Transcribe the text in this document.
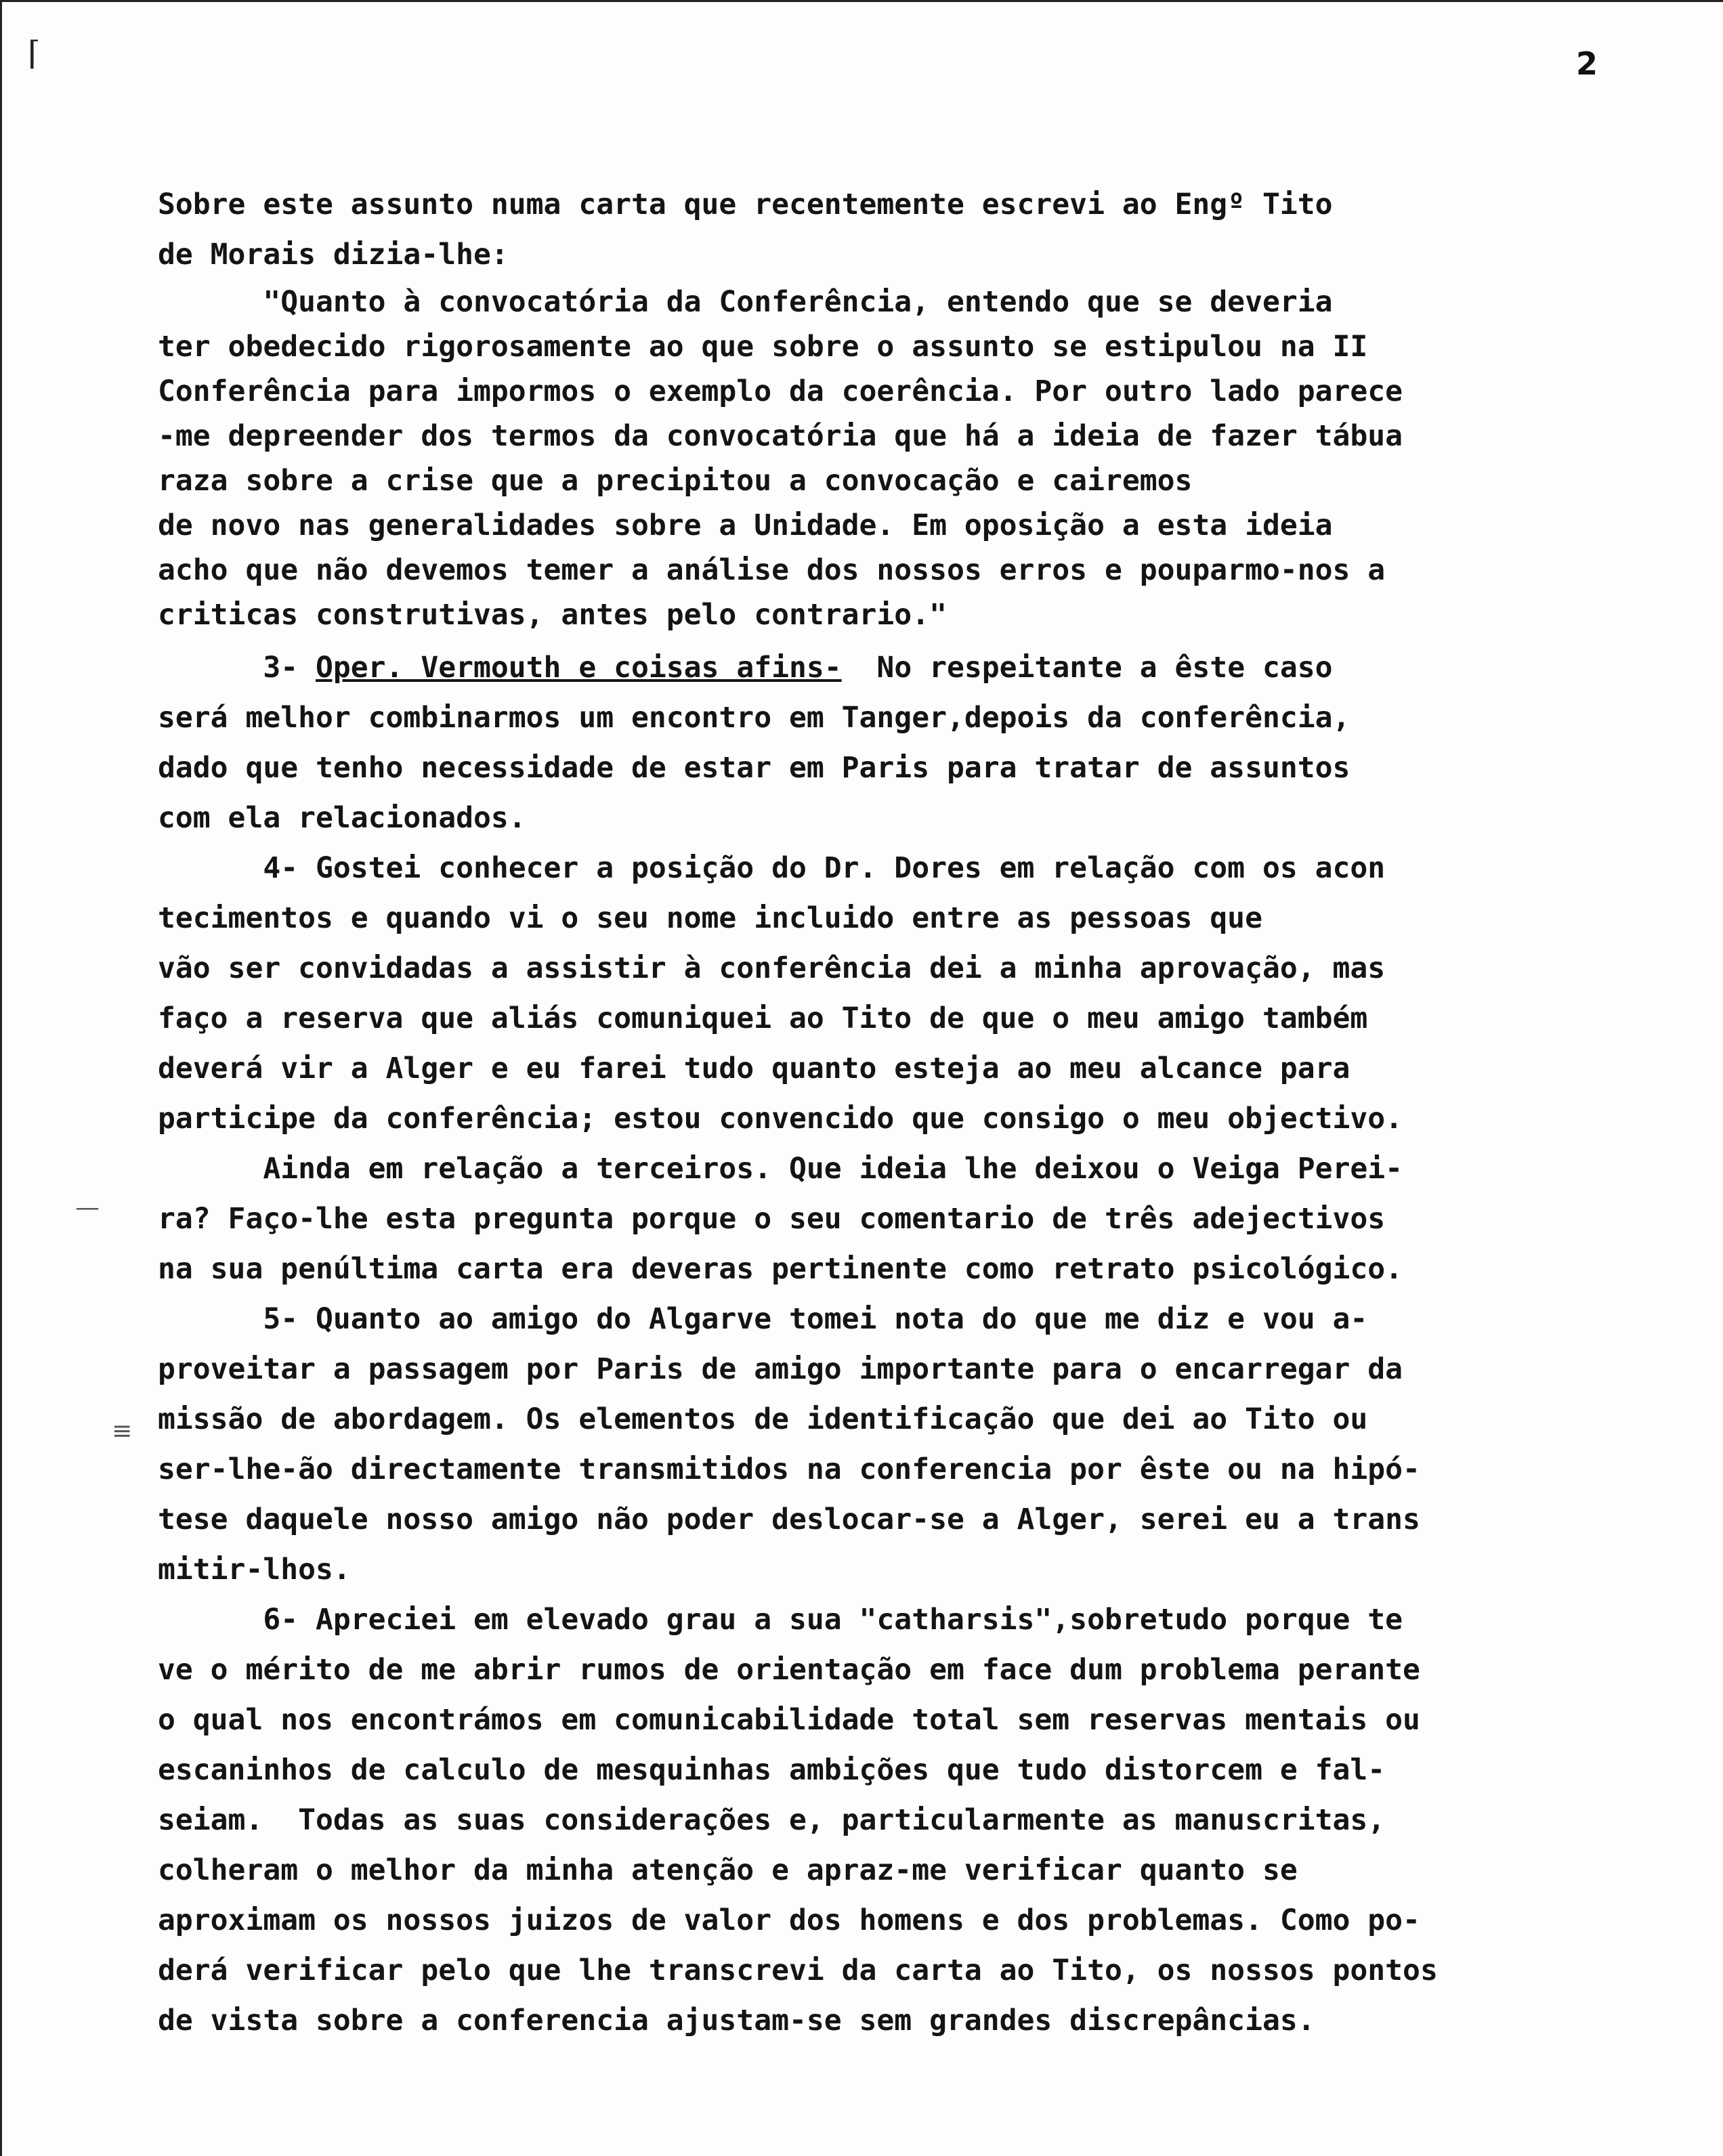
⌈	2
—
≡
Sobre este assunto numa carta que recentemente escrevi ao Engº Tito
de Morais dizia-lhe:
"Quanto à convocatória da Conferência, entendo que se deveria
ter obedecido rigorosamente ao que sobre o assunto se estipulou na II
Conferência para impormos o exemplo da coerência. Por outro lado parece
-me depreender dos termos da convocatória que há a ideia de fazer tábua
raza sobre a crise que a precipitou a convocação e cairemos
de novo nas generalidades sobre a Unidade. Em oposição a esta ideia
acho que não devemos temer a análise dos nossos erros e pouparmo-nos a
criticas construtivas, antes pelo contrario."
3- Oper. Vermouth e coisas afins-  No respeitante a êste caso
será melhor combinarmos um encontro em Tanger,depois da conferência,
dado que tenho necessidade de estar em Paris para tratar de assuntos
com ela relacionados.
4- Gostei conhecer a posição do Dr. Dores em relação com os acon
tecimentos e quando vi o seu nome incluido entre as pessoas que
vão ser convidadas a assistir à conferência dei a minha aprovação, mas
faço a reserva que aliás comuniquei ao Tito de que o meu amigo também
deverá vir a Alger e eu farei tudo quanto esteja ao meu alcance para
participe da conferência; estou convencido que consigo o meu objectivo.
Ainda em relação a terceiros. Que ideia lhe deixou o Veiga Perei-
ra? Faço-lhe esta pregunta porque o seu comentario de três adejectivos
na sua penúltima carta era deveras pertinente como retrato psicológico.
5- Quanto ao amigo do Algarve tomei nota do que me diz e vou a-
proveitar a passagem por Paris de amigo importante para o encarregar da
missão de abordagem. Os elementos de identificação que dei ao Tito ou
ser-lhe-ão directamente transmitidos na conferencia por êste ou na hipó-
tese daquele nosso amigo não poder deslocar-se a Alger, serei eu a trans
mitir-lhos.
6- Apreciei em elevado grau a sua "catharsis",sobretudo porque te
ve o mérito de me abrir rumos de orientação em face dum problema perante
o qual nos encontrámos em comunicabilidade total sem reservas mentais ou
escaninhos de calculo de mesquinhas ambições que tudo distorcem e fal-
seiam.  Todas as suas considerações e, particularmente as manuscritas,
colheram o melhor da minha atenção e apraz-me verificar quanto se
aproximam os nossos juizos de valor dos homens e dos problemas. Como po-
derá verificar pelo que lhe transcrevi da carta ao Tito, os nossos pontos
de vista sobre a conferencia ajustam-se sem grandes discrepâncias.
